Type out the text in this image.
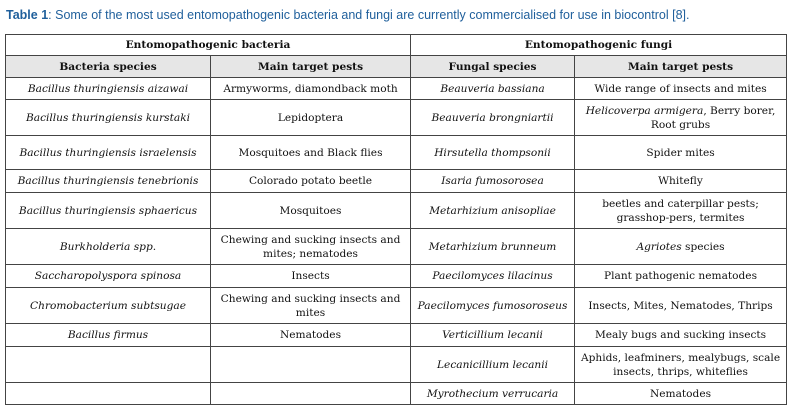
Table 1: Some of the most used entomopathogenic bacteria and fungi are currently commercialised for use in biocontrol [8].
Entomopathogenic bacteria		Entomopathogenic fungi	
Bacteria species	Main target pests	Fungal species	Main target pests
Bacillus thuringiensis aizawai	Armyworms, diamondback moth	Beauveria bassiana	Wide range of insects and mites
Bacillus thuringiensis kurstaki	Lepidoptera	Beauveria brongniartii	Helicoverpa armigera, Berry borer, Root grubs
Bacillus thuringiensis israelensis	Mosquitoes and Black flies	Hirsutella thompsonii	Spider mites
Bacillus thuringiensis tenebrionis	Colorado potato beetle	Isaria fumosorosea	Whitefly
Bacillus thuringiensis sphaericus	Mosquitoes	Metarhizium anisopliae	beetles and caterpillar pests; grasshop-pers, termites
Burkholderia spp.	Chewing and sucking insects and mites; nematodes	Metarhizium brunneum	Agriotes species
Saccharopolyspora spinosa	Insects	Paecilomyces lilacinus	Plant pathogenic nematodes
Chromobacterium subtsugae	Chewing and sucking insects and mites	Paecilomyces fumosoroseus	Insects, Mites, Nematodes, Thrips
Bacillus firmus	Nematodes	Verticillium lecanii	Mealy bugs and sucking insects
		Lecanicillium lecanii	Aphids, leafminers, mealybugs, scale insects, thrips, whiteflies
		Myrothecium verrucaria	Nematodes
